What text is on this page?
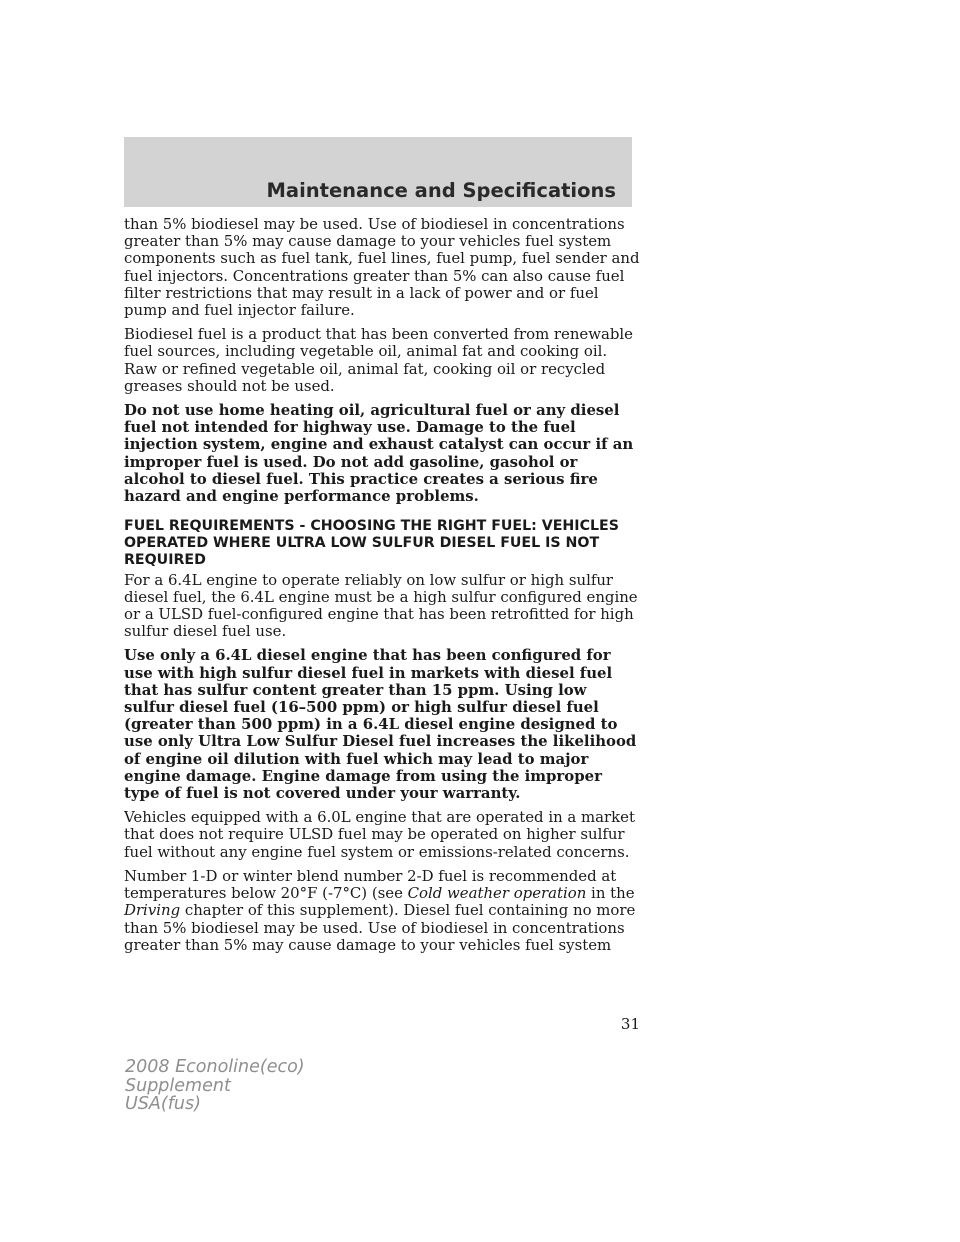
Maintenance and Specifications

than 5% biodiesel may be used. Use of biodiesel in concentrations greater than 5% may cause damage to your vehicles fuel system components such as fuel tank, fuel lines, fuel pump, fuel sender and fuel injectors. Concentrations greater than 5% can also cause fuel filter restrictions that may result in a lack of power and or fuel pump and fuel injector failure.

Biodiesel fuel is a product that has been converted from renewable fuel sources, including vegetable oil, animal fat and cooking oil. Raw or refined vegetable oil, animal fat, cooking oil or recycled greases should not be used.

Do not use home heating oil, agricultural fuel or any diesel fuel not intended for highway use. Damage to the fuel injection system, engine and exhaust catalyst can occur if an improper fuel is used. Do not add gasoline, gasohol or alcohol to diesel fuel. This practice creates a serious fire hazard and engine performance problems.

FUEL REQUIREMENTS - CHOOSING THE RIGHT FUEL: VEHICLES OPERATED WHERE ULTRA LOW SULFUR DIESEL FUEL IS NOT REQUIRED

For a 6.4L engine to operate reliably on low sulfur or high sulfur diesel fuel, the 6.4L engine must be a high sulfur configured engine or a ULSD fuel-configured engine that has been retrofitted for high sulfur diesel fuel use.

Use only a 6.4L diesel engine that has been configured for use with high sulfur diesel fuel in markets with diesel fuel that has sulfur content greater than 15 ppm. Using low sulfur diesel fuel (16–500 ppm) or high sulfur diesel fuel (greater than 500 ppm) in a 6.4L diesel engine designed to use only Ultra Low Sulfur Diesel fuel increases the likelihood of engine oil dilution with fuel which may lead to major engine damage. Engine damage from using the improper type of fuel is not covered under your warranty.

Vehicles equipped with a 6.0L engine that are operated in a market that does not require ULSD fuel may be operated on higher sulfur fuel without any engine fuel system or emissions-related concerns.

Number 1-D or winter blend number 2-D fuel is recommended at temperatures below 20°F (-7°C) (see Cold weather operation in the Driving chapter of this supplement). Diesel fuel containing no more than 5% biodiesel may be used. Use of biodiesel in concentrations greater than 5% may cause damage to your vehicles fuel system

31
2008 Econoline(eco)
Supplement
USA(fus)
